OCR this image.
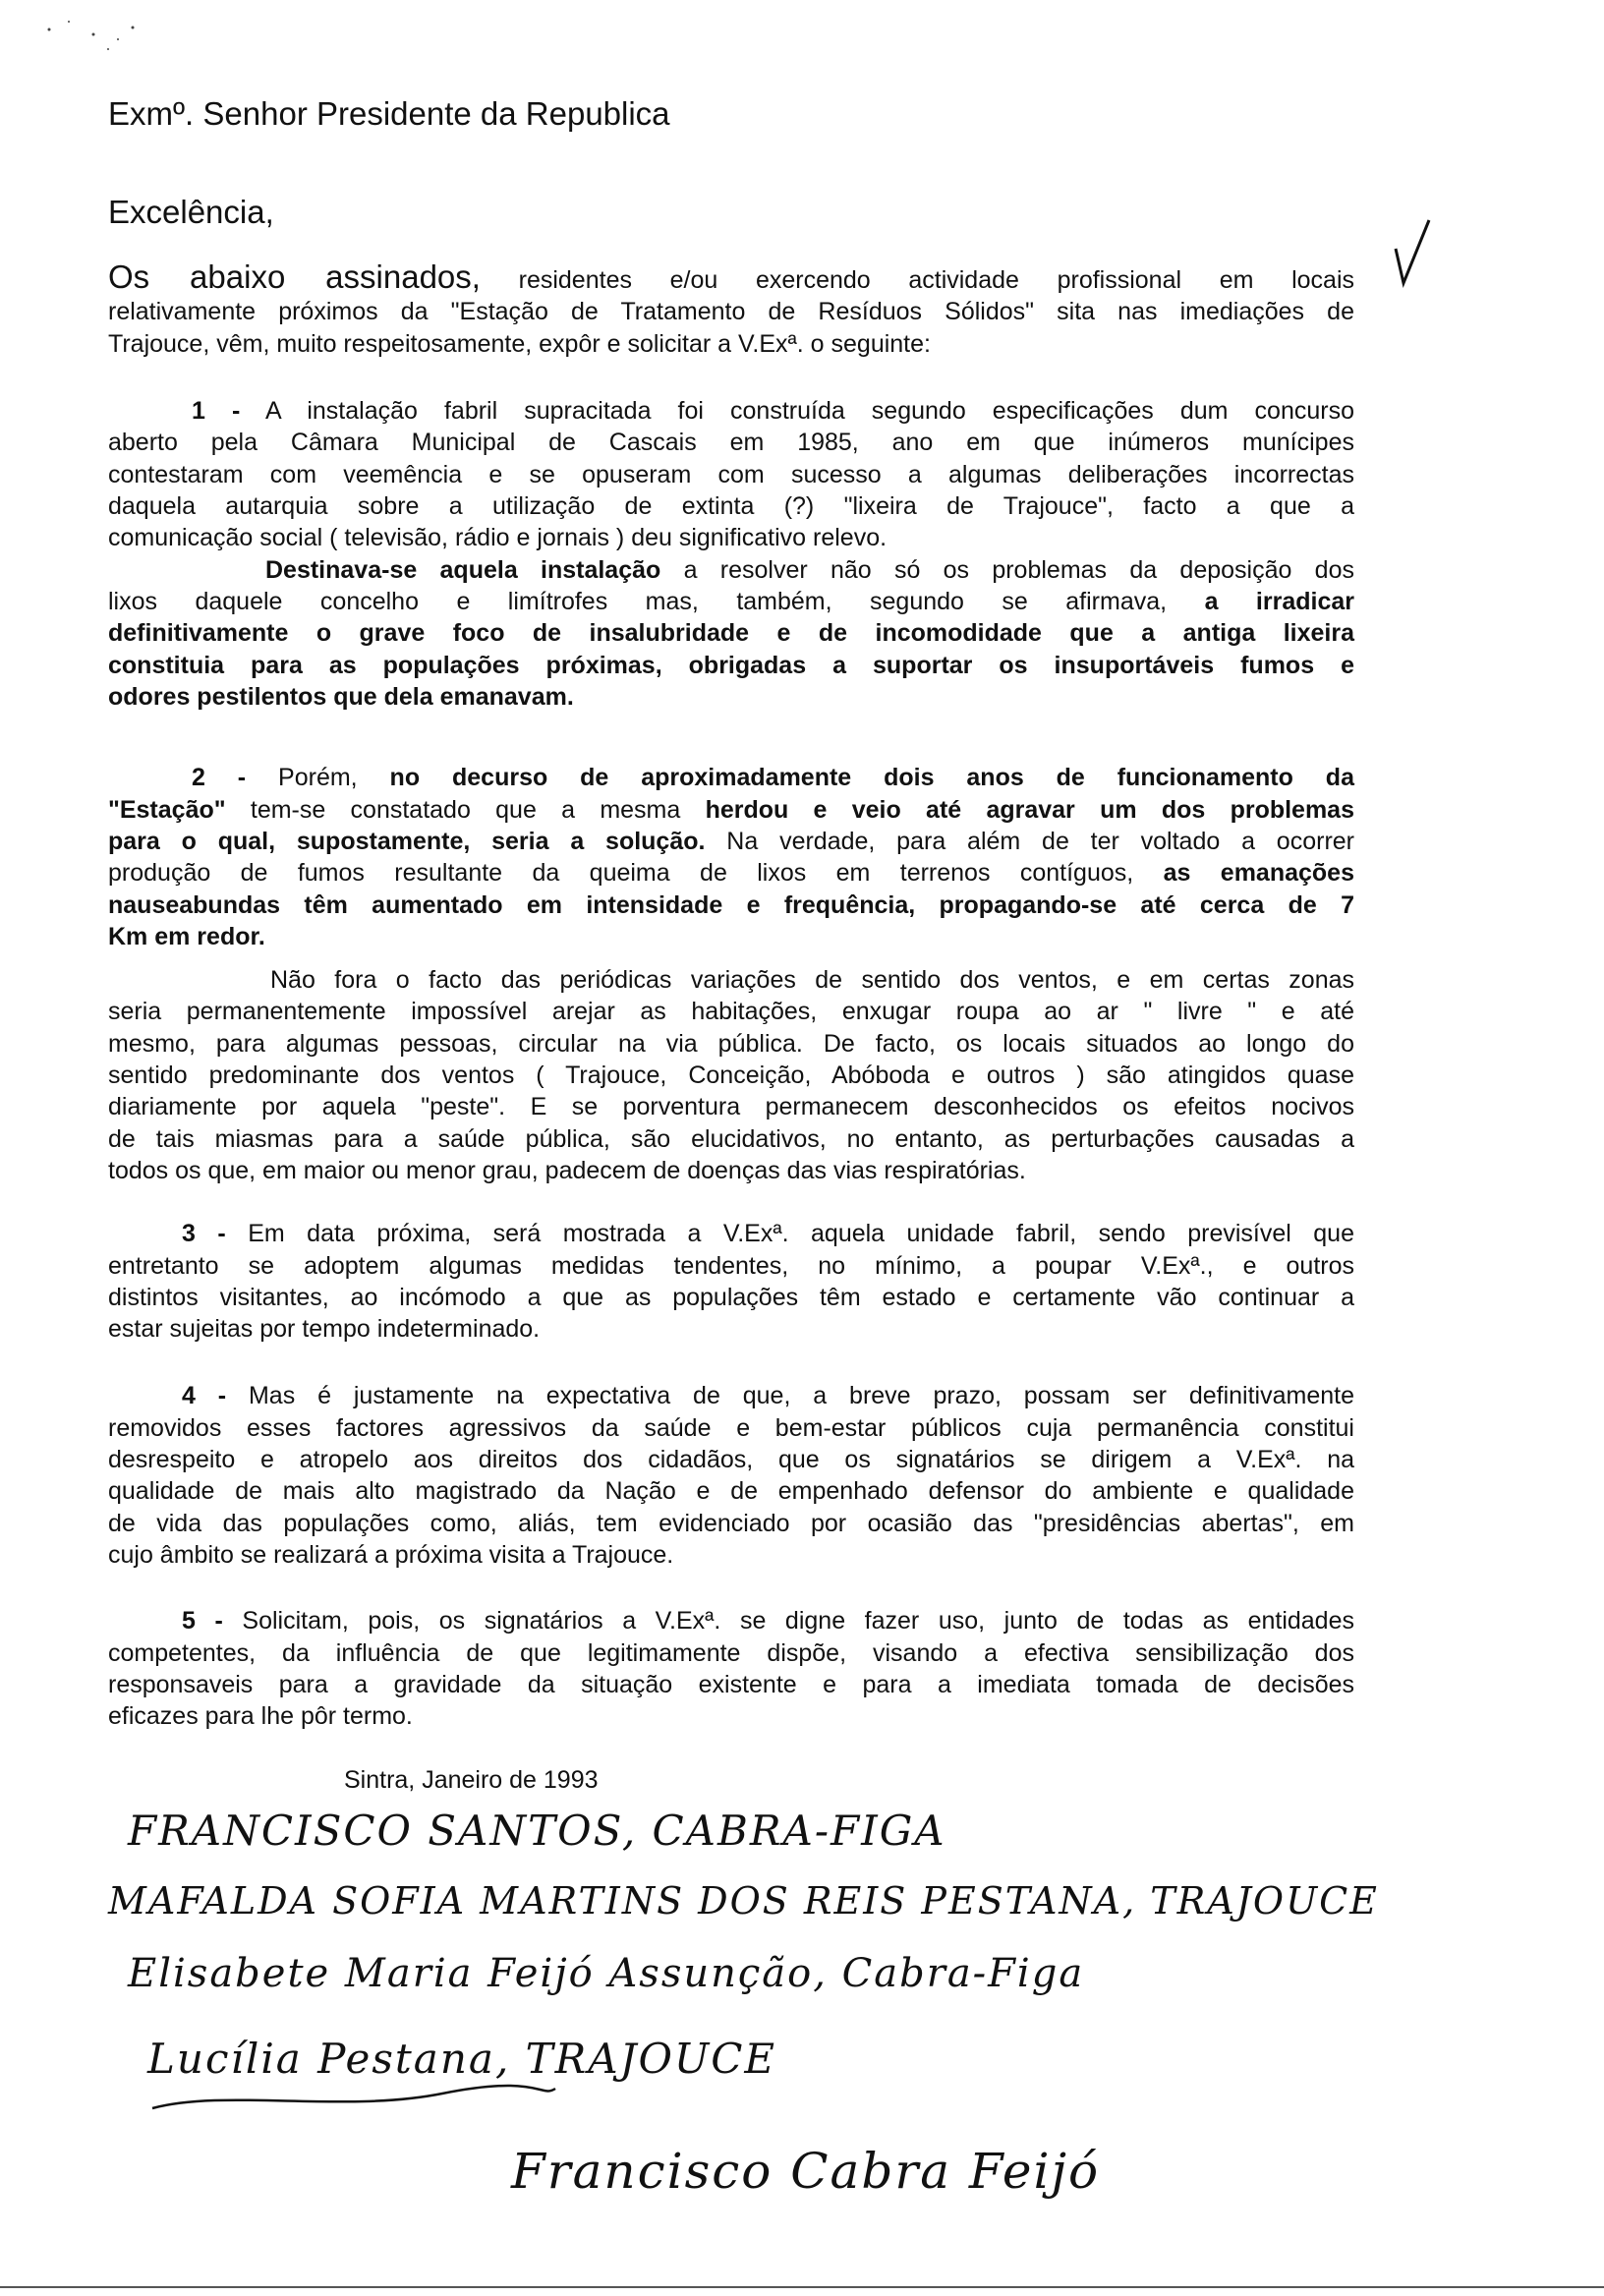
Exmº. Senhor Presidente da Republica
Excelência,
Os abaixo assinados, residentes e/ou exercendo actividade profissional em locais
relativamente próximos da "Estação de Tratamento de Resíduos Sólidos" sita nas imediações de
Trajouce, vêm, muito respeitosamente, expôr e solicitar a V.Exª. o seguinte:
1 - A instalação fabril supracitada foi construída segundo especificações dum concurso
aberto pela Câmara Municipal de Cascais em 1985, ano em que inúmeros munícipes
contestaram com veemência e se opuseram com sucesso a algumas deliberações incorrectas
daquela autarquia sobre a utilização de extinta (?) "lixeira de Trajouce", facto a que a
comunicação social ( televisão, rádio e jornais ) deu significativo relevo.
Destinava-se aquela instalação a resolver não só os problemas da deposição dos
lixos daquele concelho e limítrofes mas, também, segundo se afirmava, a irradicar
definitivamente o grave foco de insalubridade e de incomodidade que a antiga lixeira
constituia para as populações próximas, obrigadas a suportar os insuportáveis fumos e
odores pestilentos que dela emanavam.
2 - Porém, no decurso de aproximadamente dois anos de funcionamento da
"Estação" tem-se constatado que a mesma herdou e veio até agravar um dos problemas
para o qual, supostamente, seria a solução. Na verdade, para além de ter voltado a ocorrer
produção de fumos resultante da queima de lixos em terrenos contíguos, as emanações
nauseabundas têm aumentado em intensidade e frequência, propagando-se até cerca de 7
Km em redor.
Não fora o facto das periódicas variações de sentido dos ventos, e em certas zonas
seria permanentemente impossível arejar as habitações, enxugar roupa ao ar " livre " e até
mesmo, para algumas pessoas, circular na via pública. De facto, os locais situados ao longo do
sentido predominante dos ventos ( Trajouce, Conceição, Abóboda e outros ) são atingidos quase
diariamente por aquela "peste". E se porventura permanecem desconhecidos os efeitos nocivos
de tais miasmas para a saúde pública, são elucidativos, no entanto, as perturbações causadas a
todos os que, em maior ou menor grau, padecem de doenças das vias respiratórias.
3 - Em data próxima, será mostrada a V.Exª. aquela unidade fabril, sendo previsível que
entretanto se adoptem algumas medidas tendentes, no mínimo, a poupar V.Exª., e outros
distintos visitantes, ao incómodo a que as populações têm estado e certamente vão continuar a
estar sujeitas por tempo indeterminado.
4 - Mas é justamente na expectativa de que, a breve prazo, possam ser definitivamente
removidos esses factores agressivos da saúde e bem-estar públicos cuja permanência constitui
desrespeito e atropelo aos direitos dos cidadãos, que os signatários se dirigem a V.Exª. na
qualidade de mais alto magistrado da Nação e de empenhado defensor do ambiente e qualidade
de vida das populações como, aliás, tem evidenciado por ocasião das "presidências abertas", em
cujo âmbito se realizará a próxima visita a Trajouce.
5 - Solicitam, pois, os signatários a V.Exª. se digne fazer uso, junto de todas as entidades
competentes, da influência de que legitimamente dispõe, visando a efectiva sensibilização dos
responsaveis para a gravidade da situação existente e para a imediata tomada de decisões
eficazes para lhe pôr termo.
Sintra, Janeiro de 1993
FRANCISCO SANTOS, CABRA-FIGA
MAFALDA SOFIA MARTINS DOS REIS PESTANA, TRAJOUCE
Elisabete Maria Feijó Assunção, Cabra-Figa
Lucília Pestana, TRAJOUCE
Francisco Cabra Feijó
